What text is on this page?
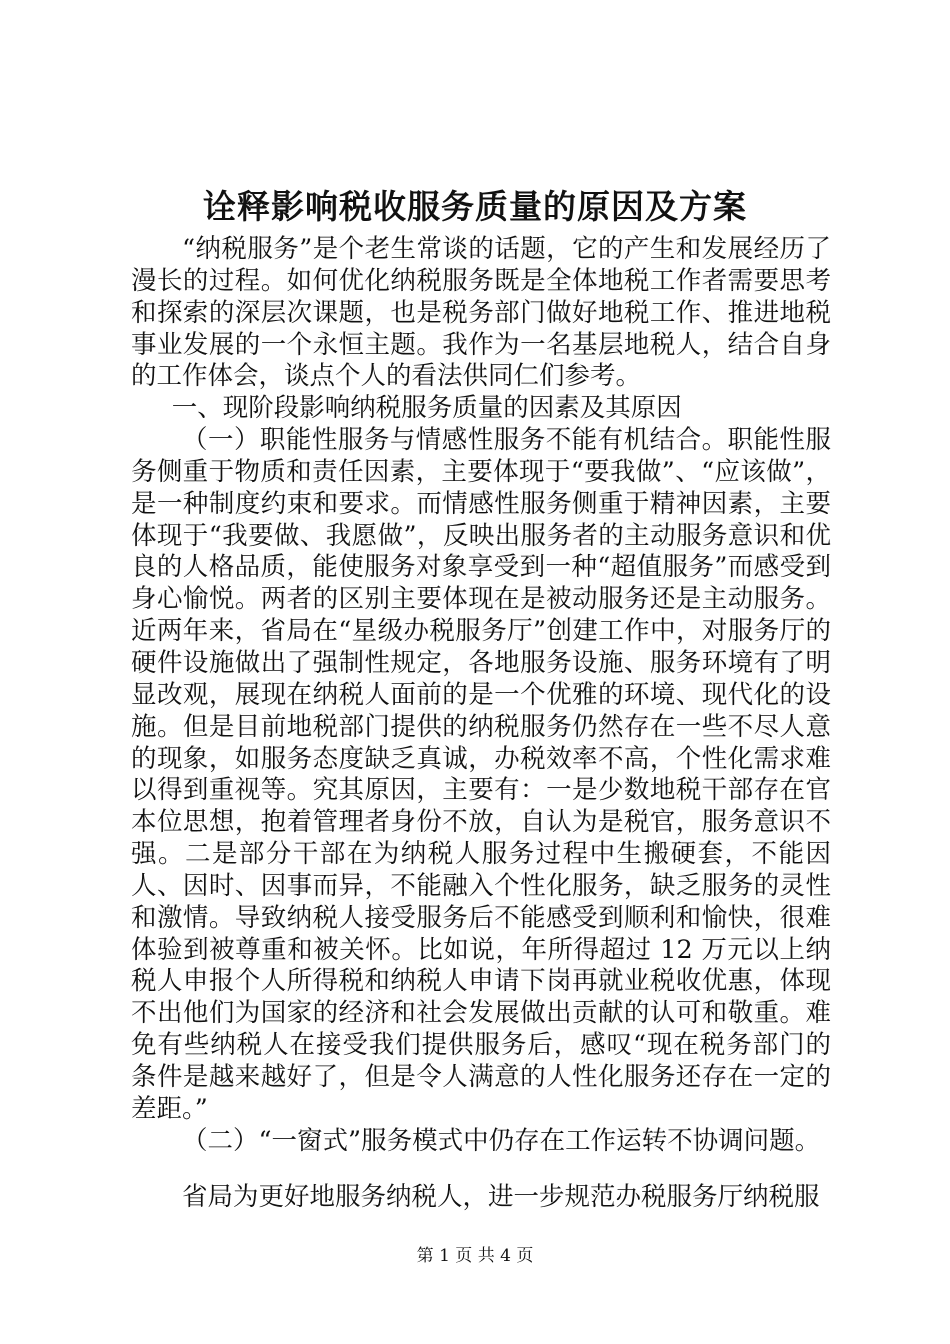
诠释影响税收服务质量的原因及方案

“纳税服务”是个老生常谈的话题，它的产生和发展经历了漫长的过程。如何优化纳税服务既是全体地税工作者需要思考和探索的深层次课题，也是税务部门做好地税工作、推进地税事业发展的一个永恒主题。我作为一名基层地税人，结合自身的工作体会，谈点个人的看法供同仁们参考。

一、现阶段影响纳税服务质量的因素及其原因

（一）职能性服务与情感性服务不能有机结合。职能性服务侧重于物质和责任因素，主要体现于“要我做”、“应该做”，是一种制度约束和要求。而情感性服务侧重于精神因素，主要体现于“我要做、我愿做”，反映出服务者的主动服务意识和优良的人格品质，能使服务对象享受到一种“超值服务”而感受到身心愉悦。两者的区别主要体现在是被动服务还是主动服务。近两年来，省局在“星级办税服务厅”创建工作中，对服务厅的硬件设施做出了强制性规定，各地服务设施、服务环境有了明显改观，展现在纳税人面前的是一个优雅的环境、现代化的设施。但是目前地税部门提供的纳税服务仍然存在一些不尽人意的现象，如服务态度缺乏真诚，办税效率不高，个性化需求难以得到重视等。究其原因，主要有：一是少数地税干部存在官本位思想，抱着管理者身份不放，自认为是税官，服务意识不强。二是部分干部在为纳税人服务过程中生搬硬套，不能因人、因时、因事而异，不能融入个性化服务，缺乏服务的灵性和激情。导致纳税人接受服务后不能感受到顺利和愉快，很难体验到被尊重和被关怀。比如说，年所得超过 12 万元以上纳税人申报个人所得税和纳税人申请下岗再就业税收优惠，体现不出他们为国家的经济和社会发展做出贡献的认可和敬重。难免有些纳税人在接受我们提供服务后，感叹“现在税务部门的条件是越来越好了，但是令人满意的人性化服务还存在一定的差距。”

（二）“一窗式”服务模式中仍存在工作运转不协调问题。

省局为更好地服务纳税人，进一步规范办税服务厅纳税服

第 1 页 共 4 页
